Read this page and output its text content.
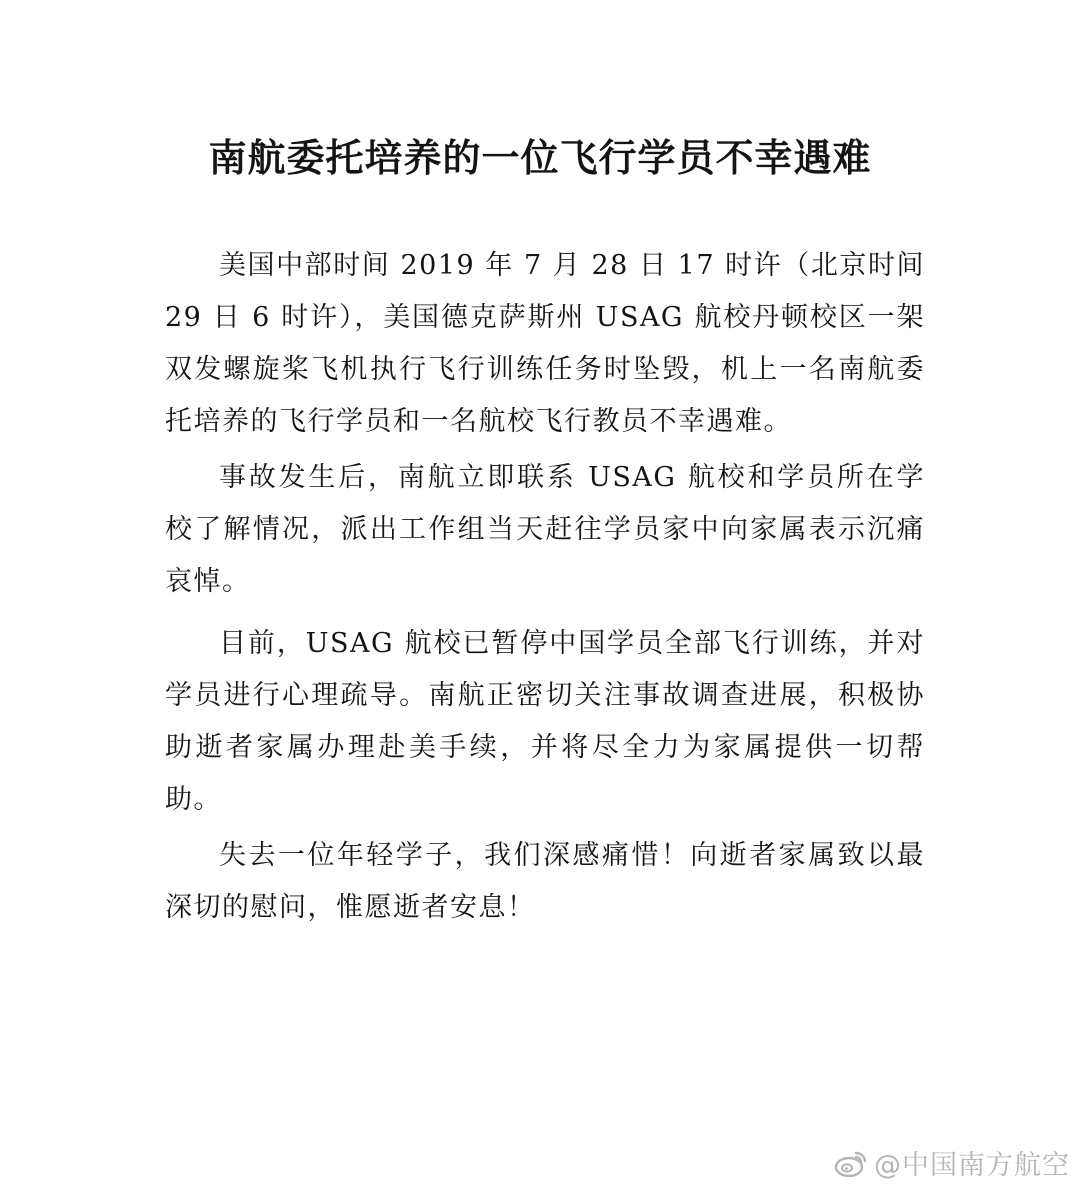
南航委托培养的一位飞行学员不幸遇难

美国中部时间 2019 年 7 月 28 日 17 时许（北京时间 29 日 6 时许），美国德克萨斯州 USAG 航校丹顿校区一架双发螺旋桨飞机执行飞行训练任务时坠毁，机上一名南航委托培养的飞行学员和一名航校飞行教员不幸遇难。

事故发生后，南航立即联系 USAG 航校和学员所在学校了解情况，派出工作组当天赶往学员家中向家属表示沉痛哀悼。

目前，USAG 航校已暂停中国学员全部飞行训练，并对学员进行心理疏导。南航正密切关注事故调查进展，积极协助逝者家属办理赴美手续，并将尽全力为家属提供一切帮助。

失去一位年轻学子，我们深感痛惜！向逝者家属致以最深切的慰问，惟愿逝者安息！

@中国南方航空
